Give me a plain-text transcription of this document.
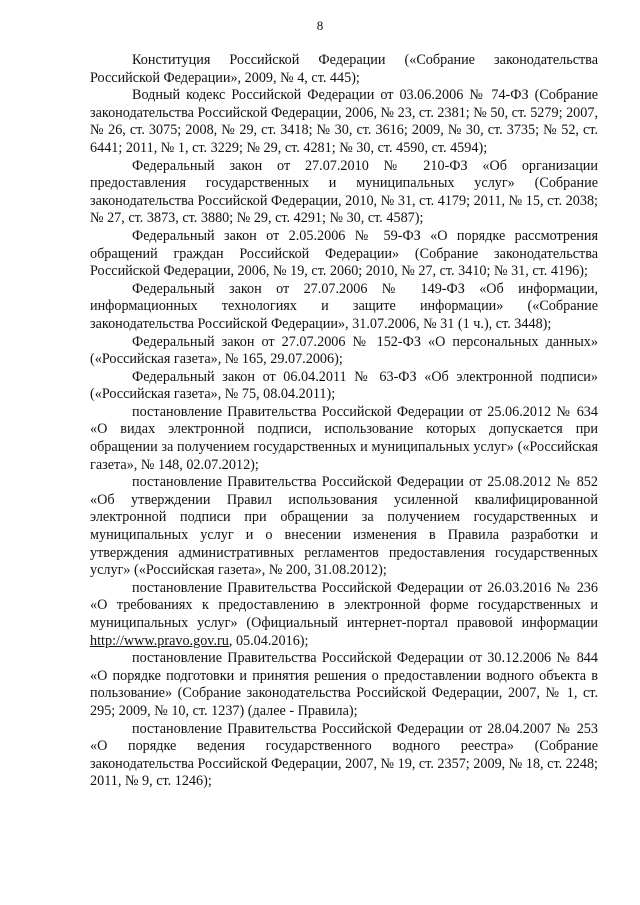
8

Конституция Российской Федерации («Собрание законодательства Российской Федерации», 2009, № 4, ст. 445);

Водный кодекс Российской Федерации от 03.06.2006 № 74-ФЗ (Собрание законодательства Российской Федерации, 2006, № 23, ст. 2381; № 50, ст. 5279; 2007, № 26, ст. 3075; 2008, № 29, ст. 3418; № 30, ст. 3616; 2009, № 30, ст. 3735; № 52, ст. 6441; 2011, № 1, ст. 3229; № 29, ст. 4281; № 30, ст. 4590, ст. 4594);

Федеральный закон от 27.07.2010 № 210-ФЗ «Об организации предоставления государственных и муниципальных услуг» (Собрание законодательства Российской Федерации, 2010, № 31, ст. 4179; 2011, № 15, ст. 2038; № 27, ст. 3873, ст. 3880; № 29, ст. 4291; № 30, ст. 4587);

Федеральный закон от 2.05.2006 № 59-ФЗ «О порядке рассмотрения обращений граждан Российской Федерации» (Собрание законодательства Российской Федерации, 2006, № 19, ст. 2060; 2010, № 27, ст. 3410; № 31, ст. 4196);

Федеральный закон от 27.07.2006 № 149-ФЗ «Об информации, информационных технологиях и защите информации» («Собрание законодательства Российской Федерации», 31.07.2006, № 31 (1 ч.), ст. 3448);

Федеральный закон от 27.07.2006 № 152-ФЗ «О персональных данных» («Российская газета», № 165, 29.07.2006);

Федеральный закон от 06.04.2011 № 63-ФЗ «Об электронной подписи» («Российская газета», № 75, 08.04.2011);

постановление Правительства Российской Федерации от 25.06.2012 № 634 «О видах электронной подписи, использование которых допускается при обращении за получением государственных и муниципальных услуг» («Российская газета», № 148, 02.07.2012);

постановление Правительства Российской Федерации от 25.08.2012 № 852 «Об утверждении Правил использования усиленной квалифицированной электронной подписи при обращении за получением государственных и муниципальных услуг и о внесении изменения в Правила разработки и утверждения административных регламентов предоставления государственных услуг» («Российская газета», № 200, 31.08.2012);

постановление Правительства Российской Федерации от 26.03.2016 № 236 «О требованиях к предоставлению в электронной форме государственных и муниципальных услуг» (Официальный интернет-портал правовой информации http://www.pravo.gov.ru, 05.04.2016);

постановление Правительства Российской Федерации от 30.12.2006 № 844 «О порядке подготовки и принятия решения о предоставлении водного объекта в пользование» (Собрание законодательства Российской Федерации, 2007, № 1, ст. 295; 2009, № 10, ст. 1237) (далее - Правила);

постановление Правительства Российской Федерации от 28.04.2007 № 253 «О порядке ведения государственного водного реестра» (Собрание законодательства Российской Федерации, 2007, № 19, ст. 2357; 2009, № 18, ст. 2248; 2011, № 9, ст. 1246);
